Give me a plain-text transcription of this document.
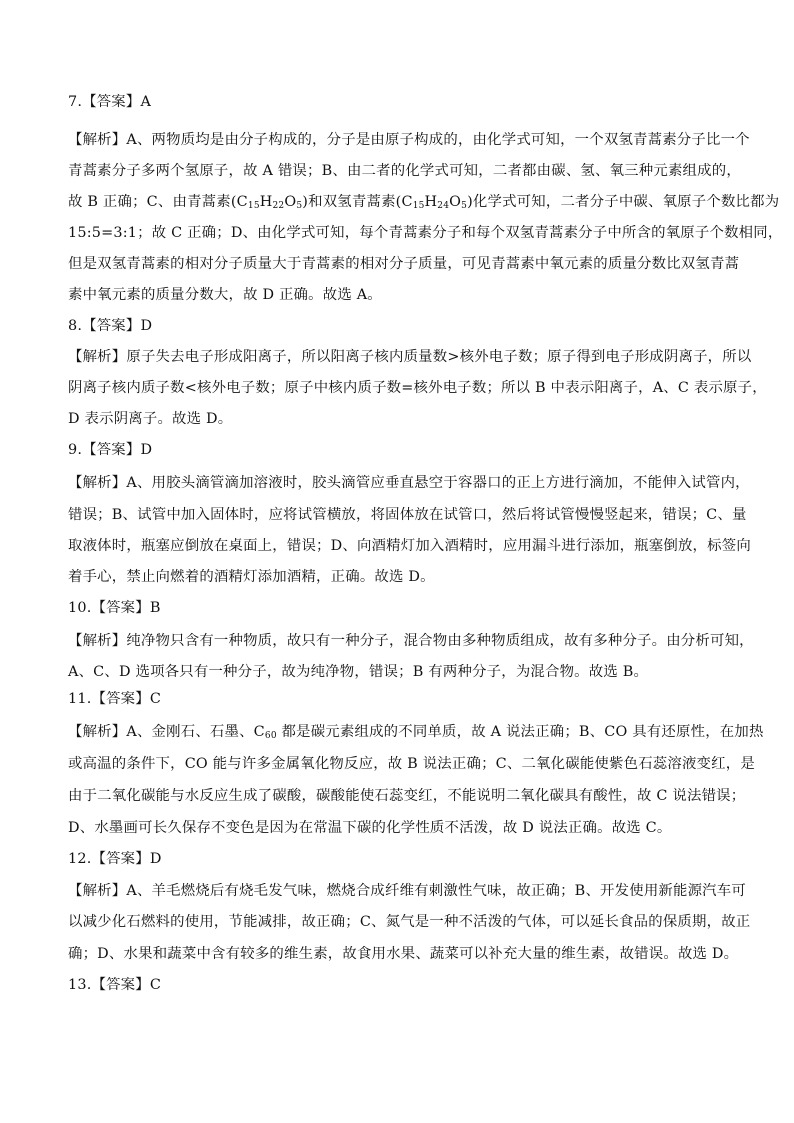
7.【答案】A
【解析】A、两物质均是由分子构成的，分子是由原子构成的，由化学式可知，一个双氢青蒿素分子比一个
青蒿素分子多两个氢原子，故 A 错误；B、由二者的化学式可知，二者都由碳、氢、氧三种元素组成的，
故 B 正确；C、由青蒿素$(C_{15}H_{22}O_5)$和双氢青蒿素$(C_{15}H_{24}O_5)$化学式可知，二者分子中碳、氧原子个数比都为
15:5=3:1；故 C 正确；D、由化学式可知，每个青蒿素分子和每个双氢青蒿素分子中所含的氧原子个数相同，
但是双氢青蒿素的相对分子质量大于青蒿素的相对分子质量，可见青蒿素中氧元素的质量分数比双氢青蒿
素中氧元素的质量分数大，故 D 正确。故选 A。
8.【答案】D
【解析】原子失去电子形成阳离子，所以阳离子核内质量数>核外电子数；原子得到电子形成阴离子，所以
阴离子核内质子数<核外电子数；原子中核内质子数=核外电子数；所以 B 中表示阳离子，A、C 表示原子，
D 表示阴离子。故选 D。
9.【答案】D
【解析】A、用胶头滴管滴加溶液时，胶头滴管应垂直悬空于容器口的正上方进行滴加，不能伸入试管内，
错误；B、试管中加入固体时，应将试管横放，将固体放在试管口，然后将试管慢慢竖起来，错误；C、量
取液体时，瓶塞应倒放在桌面上，错误；D、向酒精灯加入酒精时，应用漏斗进行添加，瓶塞倒放，标签向
着手心，禁止向燃着的酒精灯添加酒精，正确。故选 D。
10.【答案】B
【解析】纯净物只含有一种物质，故只有一种分子，混合物由多种物质组成，故有多种分子。由分析可知，
A、C、D 选项各只有一种分子，故为纯净物，错误；B 有两种分子，为混合物。故选 B。
11.【答案】C
【解析】A、金刚石、石墨、$C_{60}$ 都是碳元素组成的不同单质，故 A 说法正确；B、CO 具有还原性，在加热
或高温的条件下，CO 能与许多金属氧化物反应，故 B 说法正确；C、二氧化碳能使紫色石蕊溶液变红，是
由于二氧化碳能与水反应生成了碳酸，碳酸能使石蕊变红，不能说明二氧化碳具有酸性，故 C 说法错误；
D、水墨画可长久保存不变色是因为在常温下碳的化学性质不活泼，故 D 说法正确。故选 C。
12.【答案】D
【解析】A、羊毛燃烧后有烧毛发气味，燃烧合成纤维有刺激性气味，故正确；B、开发使用新能源汽车可
以减少化石燃料的使用，节能减排，故正确；C、氮气是一种不活泼的气体，可以延长食品的保质期，故正
确；D、水果和蔬菜中含有较多的维生素，故食用水果、蔬菜可以补充大量的维生素，故错误。故选 D。
13.【答案】C
